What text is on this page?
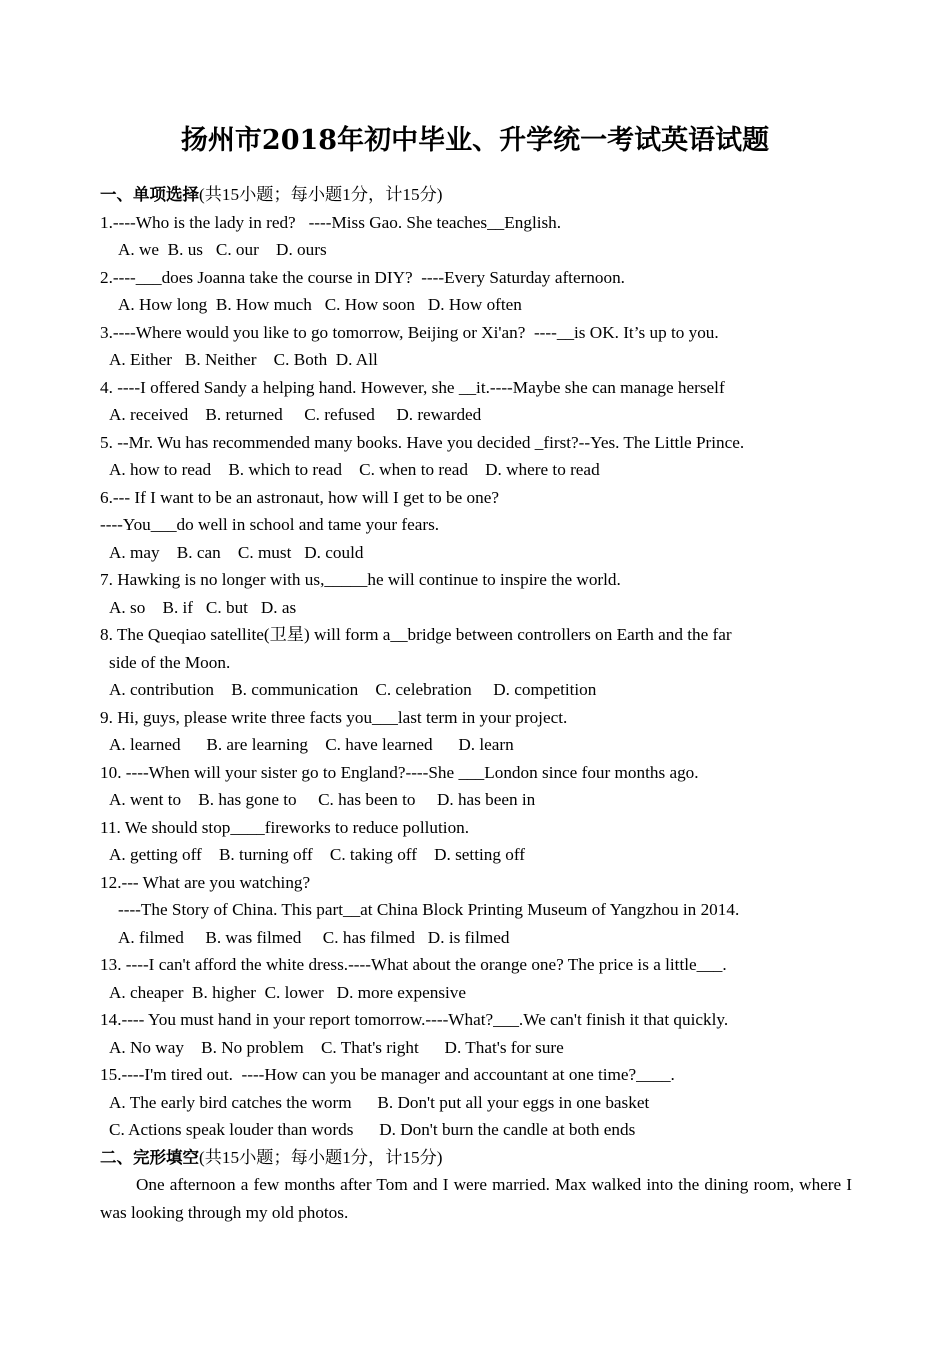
扬州市2018年初中毕业、升学统一考试英语试题
一、单项选择(共15小题；每小题1分，计15分)
1.----Who is the lady in red?   ----Miss Gao. She teaches__English.
A. we  B. us   C. our    D. ours
2.----___does Joanna take the course in DIY?  ----Every Saturday afternoon.
A. How long  B. How much   C. How soon   D. How often
3.----Where would you like to go tomorrow, Beijing or Xi'an?  ----__is OK. It’s up to you.
A. Either   B. Neither    C. Both  D. All
4. ----I offered Sandy a helping hand. However, she __it.----Maybe she can manage herself
A. received    B. returned     C. refused     D. rewarded
5. --Mr. Wu has recommended many books. Have you decided _first?--Yes. The Little Prince.
A. how to read    B. which to read    C. when to read    D. where to read
6.--- If I want to be an astronaut, how will I get to be one?
----You___do well in school and tame your fears.
A. may    B. can    C. must   D. could
7. Hawking is no longer with us,_____he will continue to inspire the world.
A. so    B. if   C. but   D. as
8. The Queqiao satellite(卫星) will form a__bridge between controllers on Earth and the far
side of the Moon.
A. contribution    B. communication    C. celebration     D. competition
9. Hi, guys, please write three facts you___last term in your project.
A. learned      B. are learning    C. have learned      D. learn
10. ----When will your sister go to England?----She ___London since four months ago.
A. went to    B. has gone to     C. has been to     D. has been in
11. We should stop____fireworks to reduce pollution.
A. getting off    B. turning off    C. taking off    D. setting off
12.--- What are you watching?
----The Story of China. This part__at China Block Printing Museum of Yangzhou in 2014.
A. filmed     B. was filmed     C. has filmed   D. is filmed
13. ----I can't afford the white dress.----What about the orange one? The price is a little___.
A. cheaper  B. higher  C. lower   D. more expensive
14.---- You must hand in your report tomorrow.----What?___.We can't finish it that quickly.
A. No way    B. No problem    C. That's right      D. That's for sure
15.----I'm tired out.  ----How can you be manager and accountant at one time?____.
A. The early bird catches the worm      B. Don't put all your eggs in one basket
C. Actions speak louder than words      D. Don't burn the candle at both ends
二、完形填空(共15小题；每小题1分，计15分)
One afternoon a few months after Tom and I were married. Max walked into the dining room, where I was looking through my old photos.
